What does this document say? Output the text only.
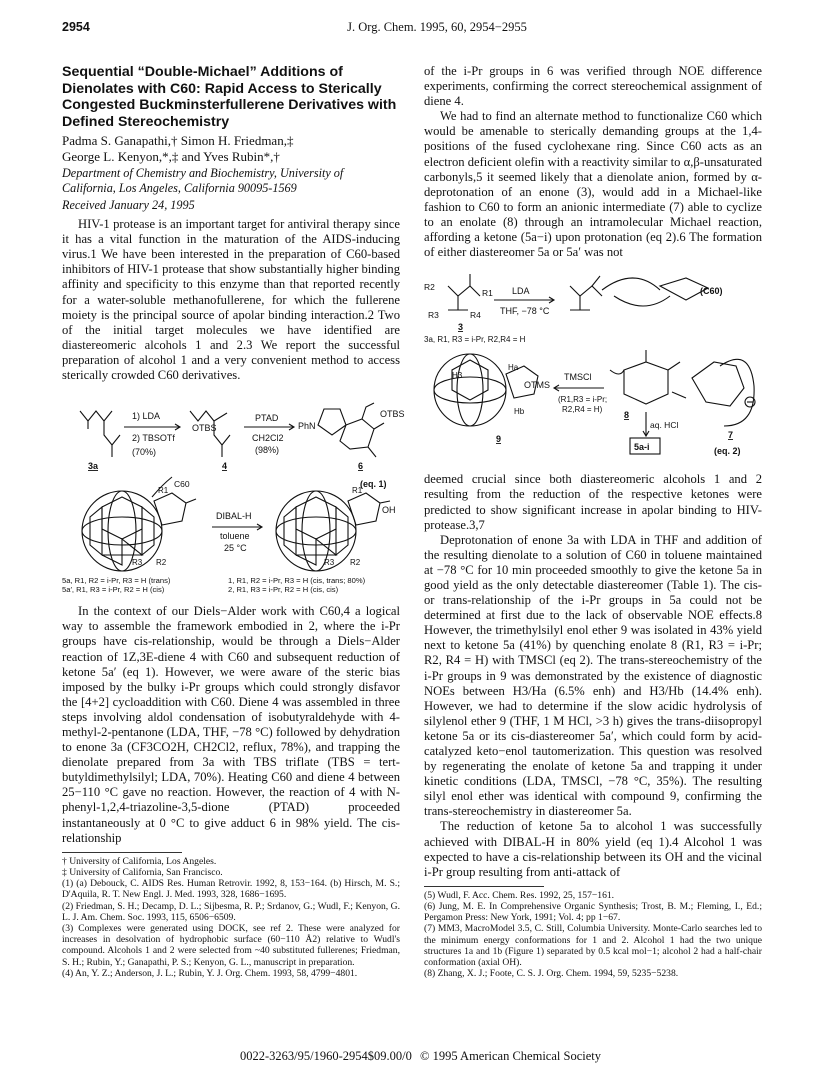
2954	J. Org. Chem. 1995, 60, 2954−2955
Sequential “Double-Michael” Additions of Dienolates with C60: Rapid Access to Sterically Congested Buckminsterfullerene Derivatives with Defined Stereochemistry

Padma S. Ganapathi,† Simon H. Friedman,‡

George L. Kenyon,*,‡ and Yves Rubin*,†

Department of Chemistry and Biochemistry, University of California, Los Angeles, California 90095-1569

Received January 24, 1995

HIV-1 protease is an important target for antiviral therapy since it has a vital function in the maturation of the AIDS-inducing virus.1 We have been interested in the preparation of C60-based inhibitors of HIV-1 protease that show substantially higher binding affinity and specificity to this enzyme than that reported recently for a water-soluble methanofullerene, for which the fullerene moiety is the principal source of apolar binding interaction.2 Two of the initial target molecules we have identified are diastereomeric alcohols 1 and 2.3 We report the successful preparation of alcohol 1 and a very convenient method to access sterically crowded C60 derivatives.

OTBS
1) LDA
2) TBSOTf
(70%)
3a	4
PTAD
CH2Cl2
(98%)
PhN
OTBS
6
C60	(eq. 1)
DIBAL-H
toluene
25 °C
R1	R1
OH
R3 R2	R3 R2
5a, R1, R2 = i-Pr, R3 = H (trans)
5a′, R1, R3 = i-Pr, R2 = H (cis)
1, R1, R2 = i-Pr, R3 = H (cis, trans; 80%)
2, R1, R3 = i-Pr, R2 = H (cis, cis)

In the context of our Diels−Alder work with C60,4 a logical way to assemble the framework embodied in 2, where the i-Pr groups have cis-relationship, would be through a Diels−Alder reaction of 1Z,3E-diene 4 with C60 and subsequent reduction of ketone 5a′ (eq 1). However, we were aware of the steric bias imposed by the bulky i-Pr groups which could strongly disfavor the [4+2] cycloaddition with C60. Diene 4 was assembled in three steps involving aldol condensation of isobutyraldehyde with 4-methyl-2-pentanone (LDA, THF, −78 °C) followed by dehydration to enone 3a (CF3CO2H, CH2Cl2, reflux, 78%), and trapping the dienolate prepared from 3a with TBS triflate (TBS = tert-butyldimethylsilyl; LDA, 70%). Heating C60 and diene 4 between 25−110 °C gave no reaction. However, the reaction of 4 with N-phenyl-1,2,4-triazoline-3,5-dione (PTAD) proceeded instantaneously at 0 °C to give adduct 6 in 98% yield. The cis-relationship

† University of California, Los Angeles.

‡ University of California, San Francisco.

(1) (a) Debouck, C. AIDS Res. Human Retrovir. 1992, 8, 153−164. (b) Hirsch, M. S.; D'Aquila, R. T. New Engl. J. Med. 1993, 328, 1686−1695.

(2) Friedman, S. H.; Decamp, D. L.; Sijbesma, R. P.; Srdanov, G.; Wudl, F.; Kenyon, G. L. J. Am. Chem. Soc. 1993, 115, 6506−6509.

(3) Complexes were generated using DOCK, see ref 2. These were analyzed for increases in desolvation of hydrophobic surface (60−110 Å2) relative to Wudl's compound. Alcohols 1 and 2 were selected from ~40 substituted fullerenes; Friedman, S. H.; Rubin, Y.; Ganapathi, P. S.; Kenyon, G. L., manuscript in preparation.

(4) An, Y. Z.; Anderson, J. L.; Rubin, Y. J. Org. Chem. 1993, 58, 4799−4801.

of the i-Pr groups in 6 was verified through NOE difference experiments, confirming the correct stereochemical assignment of diene 4.

We had to find an alternate method to functionalize C60 which would be amenable to sterically demanding groups at the 1,4-positions of the fused cyclohexane ring. Since C60 acts as an electron deficient olefin with a reactivity similar to α,β-unsaturated carbonyls,5 it seemed likely that a dienolate anion, formed by α-deprotonation of an enone (3), would add in a Michael-like fashion to C60 to form an anionic intermediate (7) able to cyclize to an enolate (8) through an intramolecular Michael reaction, affording a ketone (5a−i) upon protonation (eq 2).6 The formation of either diastereomer 5a or 5a′ was not

R2
R1
R3	R4
LDA
THF, −78 °C
(C60)
3
3a, R1, R3 = i-Pr, R2,R4 = H
Ha
H3
Hb
OTMS
TMSCl
(R1,R3 = i-Pr;
R2,R4 = H)
9
8
aq. HCl
5a-i
7
(eq. 2)

deemed crucial since both diastereomeric alcohols 1 and 2 resulting from the reduction of the respective ketones were predicted to show significant increase in apolar binding to HIV-protease.3,7

Deprotonation of enone 3a with LDA in THF and addition of the resulting dienolate to a solution of C60 in toluene maintained at −78 °C for 10 min proceeded smoothly to give the ketone 5a in good yield as the only detectable diastereomer (Table 1). The cis- or trans-relationship of the i-Pr groups in 5a could not be determined at first due to the lack of observable NOE effects.8 However, the trimethylsilyl enol ether 9 was isolated in 43% yield next to ketone 5a (41%) by quenching enolate 8 (R1, R3 = i-Pr; R2, R4 = H) with TMSCl (eq 2). The trans-stereochemistry of the i-Pr groups in 9 was demonstrated by the existence of diagnostic NOEs between H3/Ha (6.5% enh) and H3/Hb (14.4% enh). However, we had to determine if the slow acidic hydrolysis of silylenol ether 9 (THF, 1 M HCl, >3 h) gives the trans-diisopropyl ketone 5a or its cis-diastereomer 5a′, which could form by acid-catalyzed keto−enol tautomerization. This question was resolved by regenerating the enolate of ketone 5a and trapping it under kinetic conditions (LDA, TMSCl, −78 °C, 35%). The resulting silyl enol ether was identical with compound 9, confirming the trans-stereochemistry in diastereomer 5a.

The reduction of ketone 5a to alcohol 1 was successfully achieved with DIBAL-H in 80% yield (eq 1).4 Alcohol 1 was expected to have a cis-relationship between its OH and the vicinal i-Pr group resulting from anti-attack of

(5) Wudl, F. Acc. Chem. Res. 1992, 25, 157−161.

(6) Jung, M. E. In Comprehensive Organic Synthesis; Trost, B. M.; Fleming, I., Ed.; Pergamon Press: New York, 1991; Vol. 4; pp 1−67.

(7) MM3, MacroModel 3.5, C. Still, Columbia University. Monte-Carlo searches led to the minimum energy conformations for 1 and 2. Alcohol 1 had the two unique structures 1a and 1b (Figure 1) separated by 0.5 kcal mol−1; alcohol 2 had a half-chair conformation (axial OH).

(8) Zhang, X. J.; Foote, C. S. J. Org. Chem. 1994, 59, 5235−5238.

0022-3263/95/1960-2954$09.00/0 © 1995 American Chemical Society
